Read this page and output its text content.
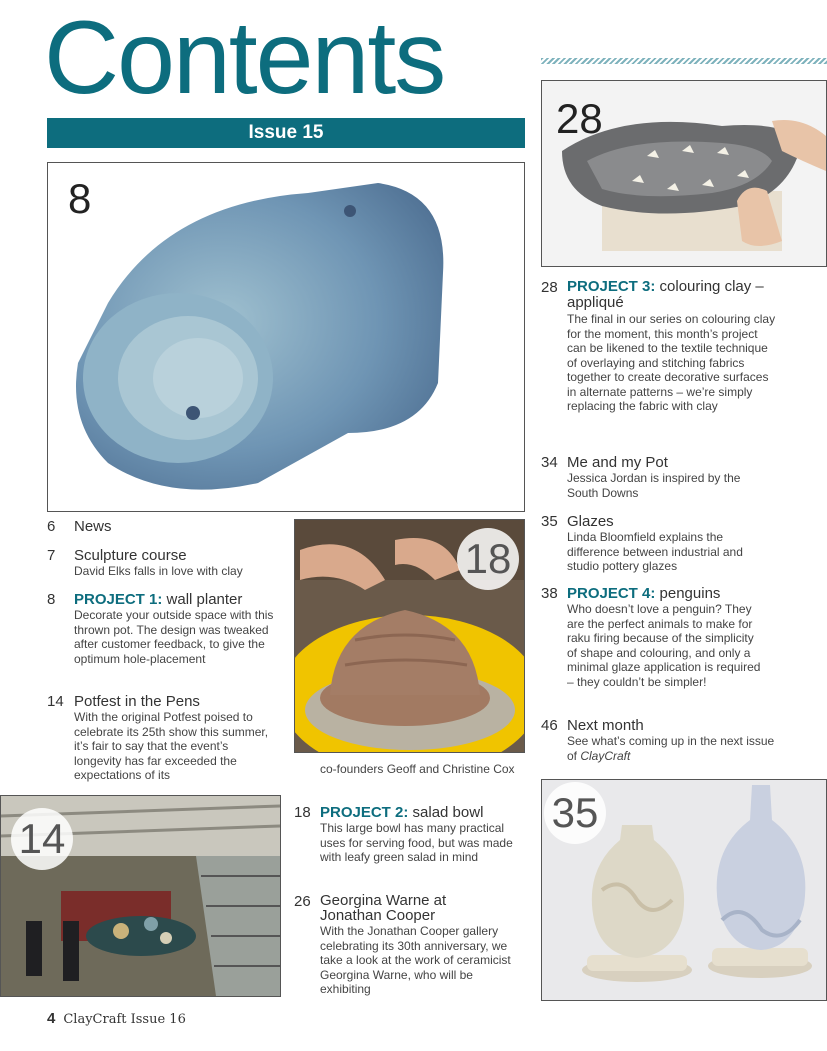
Contents
Issue 15
8
28
28 PROJECT 3: colouring clay – appliqué
The final in our series on colouring clay for the moment, this month’s project can be likened to the textile technique of overlaying and stitching fabrics together to create decorative surfaces in alternate patterns – we’re simply replacing the fabric with clay
34 Me and my Pot
Jessica Jordan is inspired by the South Downs
35 Glazes
Linda Bloomfield explains the difference between industrial and studio pottery glazes
38 PROJECT 4: penguins
Who doesn’t love a penguin? They are the perfect animals to make for raku firing because of the simplicity of shape and colouring, and only a minimal glaze application is required – they couldn’t be simpler!
46 Next month
See what’s coming up in the next issue of ClayCraft
35
6 News
7 Sculpture course
David Elks falls in love with clay
8 PROJECT 1: wall planter
Decorate your outside space with this thrown pot. The design was tweaked after customer feedback, to give the optimum hole-placement
14 Potfest in the Pens
With the original Potfest poised to celebrate its 25th show this summer, it’s fair to say that the event’s longevity has far exceeded the expectations of its
18
co-founders Geoff and Christine Cox
14
18 PROJECT 2: salad bowl
This large bowl has many practical uses for serving food, but was made with leafy green salad in mind
26 Georgina Warne at Jonathan Cooper
With the Jonathan Cooper gallery celebrating its 30th anniversary, we take a look at the work of ceramicist Georgina Warne, who will be exhibiting
4 ClayCraft Issue 16
